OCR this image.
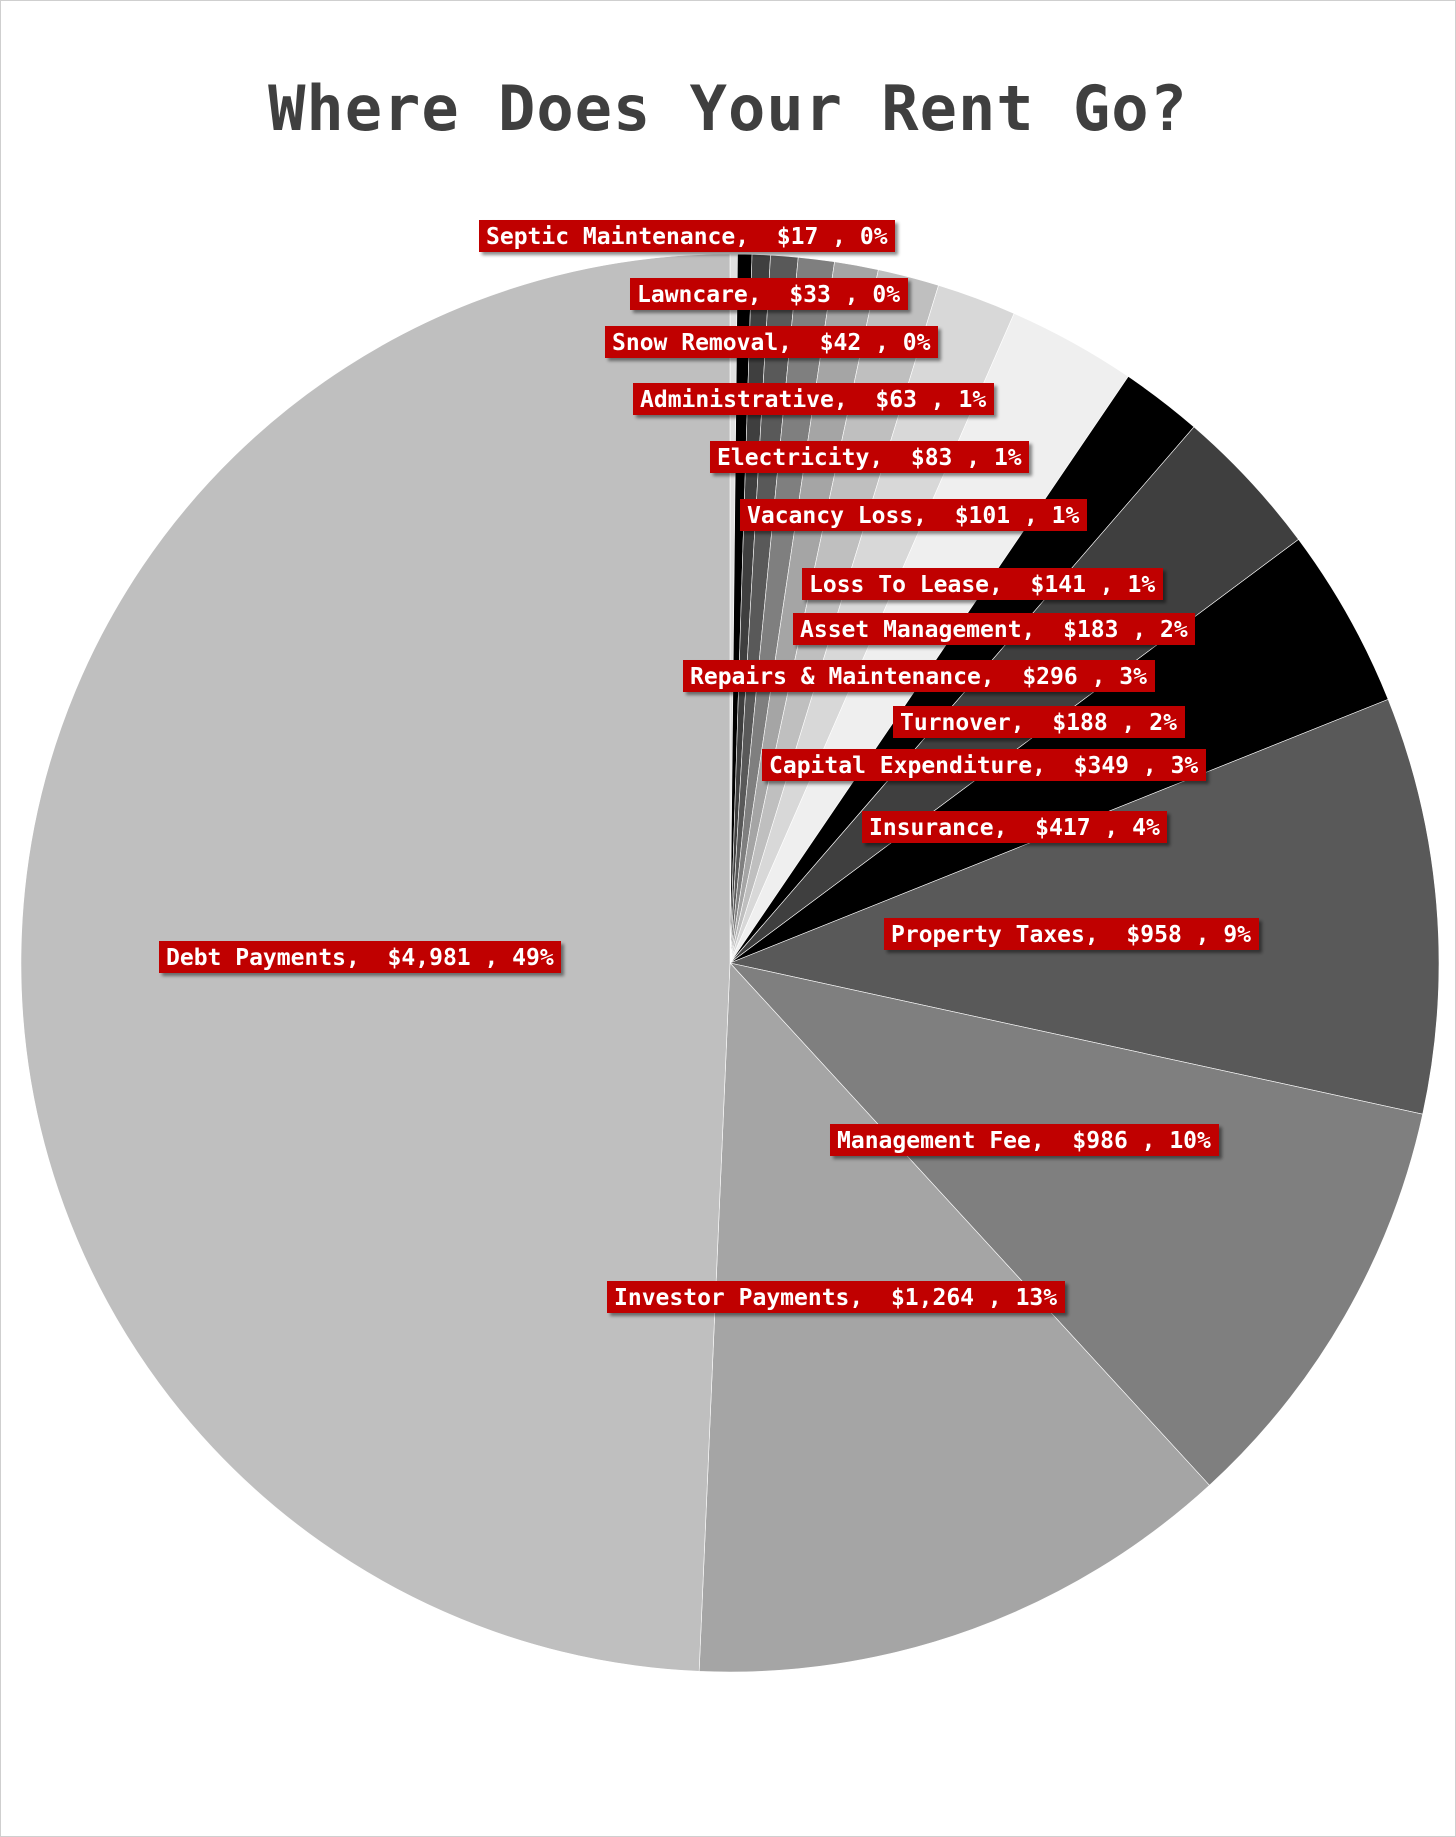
Where Does Your Rent Go?
Septic Maintenance,  $17 , 0%
Lawncare,  $33 , 0%
Snow Removal,  $42 , 0%
Administrative,  $63 , 1%
Electricity,  $83 , 1%
Vacancy Loss,  $101 , 1%
Loss To Lease,  $141 , 1%
Asset Management,  $183 , 2%
Repairs & Maintenance,  $296 , 3%
Turnover,  $188 , 2%
Capital Expenditure,  $349 , 3%
Insurance,  $417 , 4%
Property Taxes,  $958 , 9%
Management Fee,  $986 , 10%
Investor Payments,  $1,264 , 13%
Debt Payments,  $4,981 , 49%
